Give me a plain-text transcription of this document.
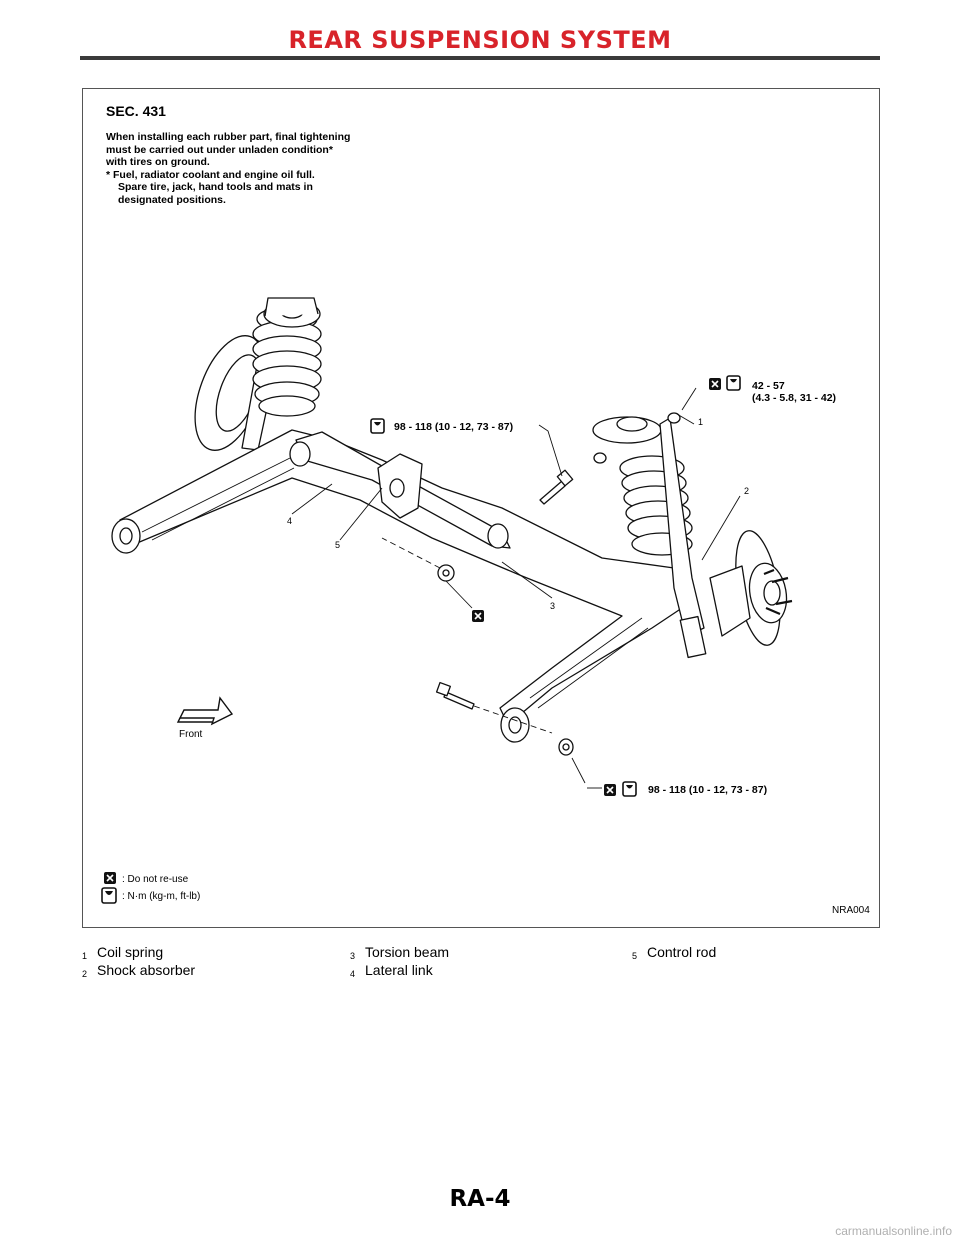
REAR SUSPENSION SYSTEM
1
2
3
4
5
SEC. 431
When installing each rubber part, final tightening
must be carried out under unladen condition*
with tires on ground.
* Fuel, radiator coolant and engine oil full.
Spare tire, jack, hand tools and mats in
designated positions.
42 - 57
(4.3 - 5.8, 31 - 42)
98 - 118 (10 - 12, 73 - 87)
98 - 118 (10 - 12, 73 - 87)
Front
: Do not re-use
: N·m (kg-m, ft-lb)
NRA004
1 Coil spring
2 Shock absorber
3 Torsion beam
4 Lateral link
5 Control rod
RA-4
carmanualsonline.info
